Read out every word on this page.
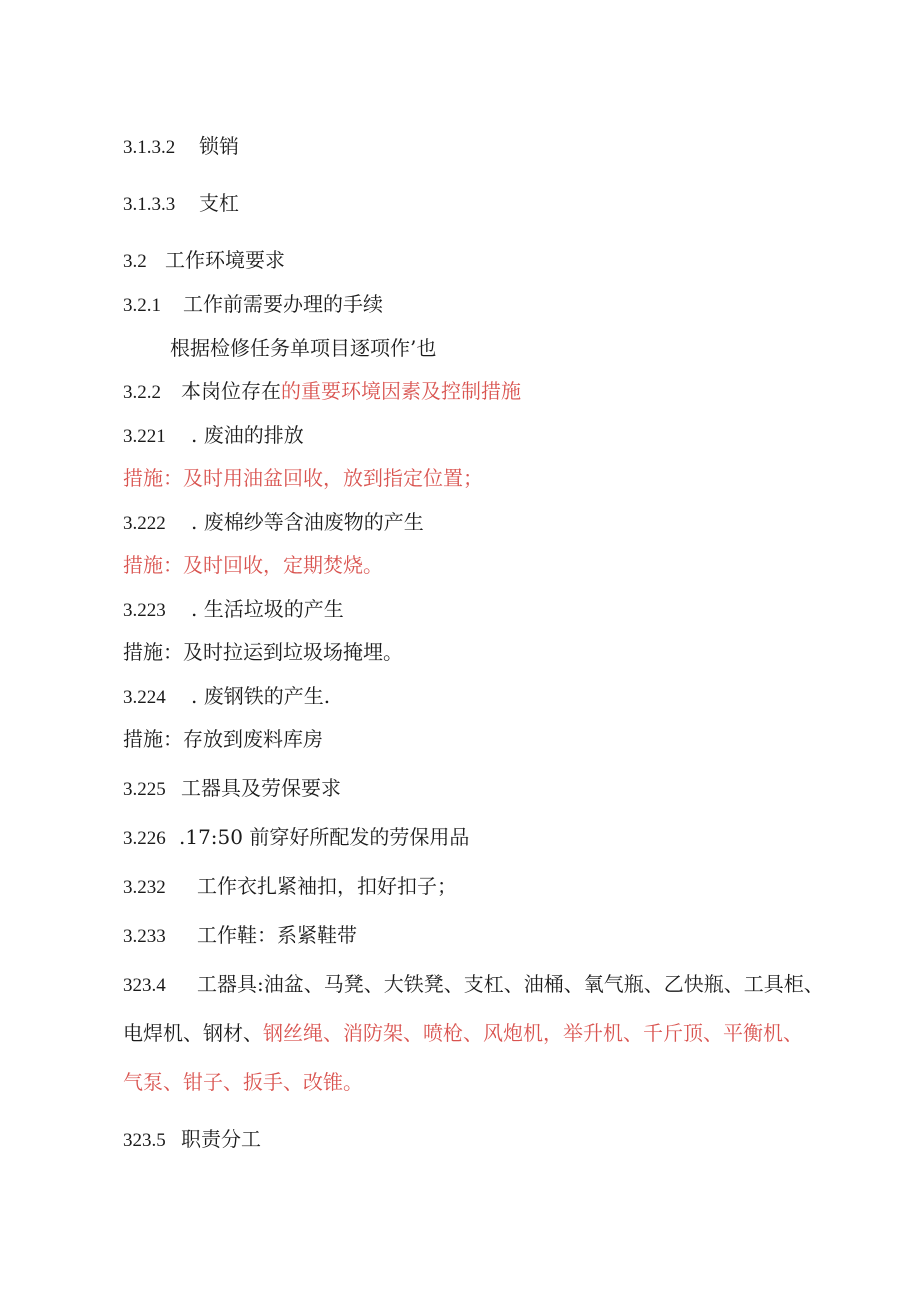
3.1.3.2 锁销
3.1.3.3 支杠
3.2 工作环境要求
3.2.1 工作前需要办理的手续
根据检修任务单项目逐项作’也
3.2.2 本岗位存在的重要环境因素及控制措施
3.221 . 废油的排放
措施：及时用油盆回收，放到指定位置；
3.222 . 废棉纱等含油废物的产生
措施：及时回收，定期焚烧。
3.223 . 生活垃圾的产生
措施：及时拉运到垃圾场掩埋。
3.224 . 废钢铁的产生.
措施：存放到废料库房
3.225 工器具及劳保要求
3.226 .17:50 前穿好所配发的劳保用品
3.232 工作衣扎紧袖扣，扣好扣子；
3.233 工作鞋：系紧鞋带
323.4 工器具:油盆、马凳、大铁凳、支杠、油桶、氧气瓶、乙快瓶、工具柜、
电焊机、钢材、钢丝绳、消防架、喷枪、风炮机，举升机、千斤顶、平衡机、
气泵、钳子、扳手、改锥。
323.5 职责分工
